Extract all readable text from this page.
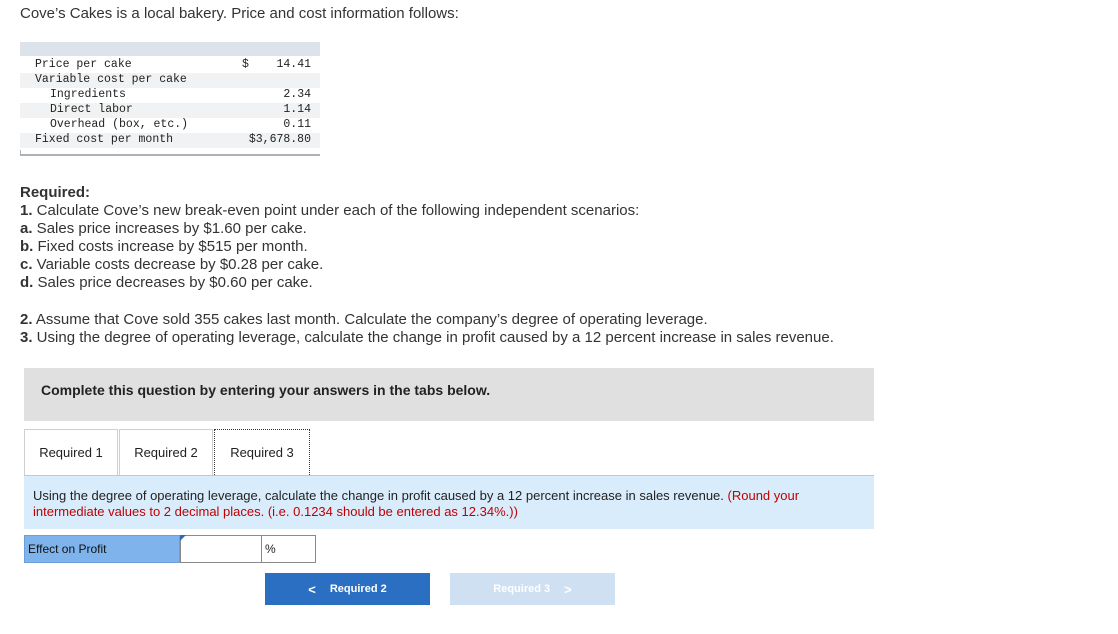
Cove’s Cakes is a local bakery. Price and cost information follows:
Price per cake	$ 14.41
Variable cost per cake
Ingredients	2.34
Direct labor	1.14
Overhead (box, etc.)	0.11
Fixed cost per month	$3,678.80
Required:
1. Calculate Cove’s new break-even point under each of the following independent scenarios:
a. Sales price increases by $1.60 per cake.
b. Fixed costs increase by $515 per month.
c. Variable costs decrease by $0.28 per cake.
d. Sales price decreases by $0.60 per cake.
2. Assume that Cove sold 355 cakes last month. Calculate the company’s degree of operating leverage.
3. Using the degree of operating leverage, calculate the change in profit caused by a 12 percent increase in sales revenue.
Complete this question by entering your answers in the tabs below.
Required 1 Required 2 Required 3
Using the degree of operating leverage, calculate the change in profit caused by a 12 percent increase in sales revenue. (Round your intermediate values to 2 decimal places. (i.e. 0.1234 should be entered as 12.34%.))
Effect on Profit	%
< Required 2	Required 3 >
